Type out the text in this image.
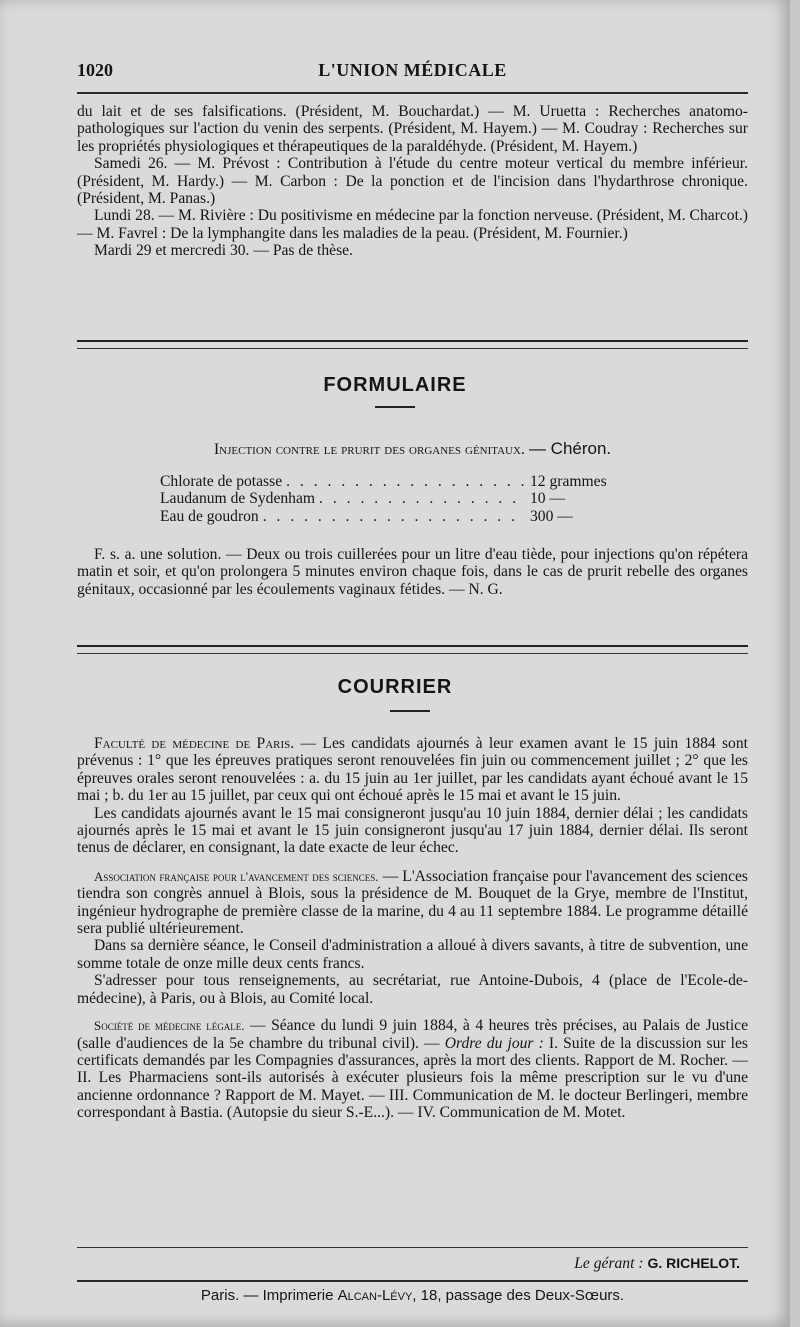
1020	L'UNION MÉDICALE

du lait et de ses falsifications. (Président, M. Bouchardat.) — M. Uruetta : Recherches anatomo-pathologiques sur l'action du venin des serpents. (Président, M. Hayem.) — M. Coudray : Recherches sur les propriétés physiologiques et thérapeutiques de la paraldéhyde. (Président, M. Hayem.)

Samedi 26. — M. Prévost : Contribution à l'étude du centre moteur vertical du membre inférieur. (Président, M. Hardy.) — M. Carbon : De la ponction et de l'incision dans l'hydarthrose chronique. (Président, M. Panas.)

Lundi 28. — M. Rivière : Du positivisme en médecine par la fonction nerveuse. (Président, M. Charcot.) — M. Favrel : De la lymphangite dans les maladies de la peau. (Président, M. Fournier.)

Mardi 29 et mercredi 30. — Pas de thèse.

FORMULAIRE
Injection contre le prurit des organes génitaux. — Chéron.
Chlorate de potasse . . .	12 grammes
Laudanum de Sydenham . . .	10 —
Eau de goudron . . .	300 —

F. s. a. une solution. — Deux ou trois cuillerées pour un litre d'eau tiède, pour injections qu'on répétera matin et soir, et qu'on prolongera 5 minutes environ chaque fois, dans le cas de prurit rebelle des organes génitaux, occasionné par les écoulements vaginaux fétides. — N. G.

COURRIER

Faculté de médecine de Paris. — Les candidats ajournés à leur examen avant le 15 juin 1884 sont prévenus : 1° que les épreuves pratiques seront renouvelées fin juin ou commencement juillet ; 2° que les épreuves orales seront renouvelées : a. du 15 juin au 1er juillet, par les candidats ayant échoué avant le 15 mai ; b. du 1er au 15 juillet, par ceux qui ont échoué après le 15 mai et avant le 15 juin.

Les candidats ajournés avant le 15 mai consigneront jusqu'au 10 juin 1884, dernier délai ; les candidats ajournés après le 15 mai et avant le 15 juin consigneront jusqu'au 17 juin 1884, dernier délai. Ils seront tenus de déclarer, en consignant, la date exacte de leur échec.

Association française pour l'avancement des sciences. — L'Association française pour l'avancement des sciences tiendra son congrès annuel à Blois, sous la présidence de M. Bouquet de la Grye, membre de l'Institut, ingénieur hydrographe de première classe de la marine, du 4 au 11 septembre 1884. Le programme détaillé sera publié ultérieurement.

Dans sa dernière séance, le Conseil d'administration a alloué à divers savants, à titre de subvention, une somme totale de onze mille deux cents francs.

S'adresser pour tous renseignements, au secrétariat, rue Antoine-Dubois, 4 (place de l'Ecole-de-médecine), à Paris, ou à Blois, au Comité local.

Société de médecine légale. — Séance du lundi 9 juin 1884, à 4 heures très précises, au Palais de Justice (salle d'audiences de la 5e chambre du tribunal civil). — Ordre du jour : I. Suite de la discussion sur les certificats demandés par les Compagnies d'assurances, après la mort des clients. Rapport de M. Rocher. — II. Les Pharmaciens sont-ils autorisés à exécuter plusieurs fois la même prescription sur le vu d'une ancienne ordonnance ? Rapport de M. Mayet. — III. Communication de M. le docteur Berlingeri, membre correspondant à Bastia. (Autopsie du sieur S.-E...). — IV. Communication de M. Motet.

Le gérant : G. RICHELOT.
Paris. — Imprimerie Alcan-Lévy, 18, passage des Deux-Sœurs.
